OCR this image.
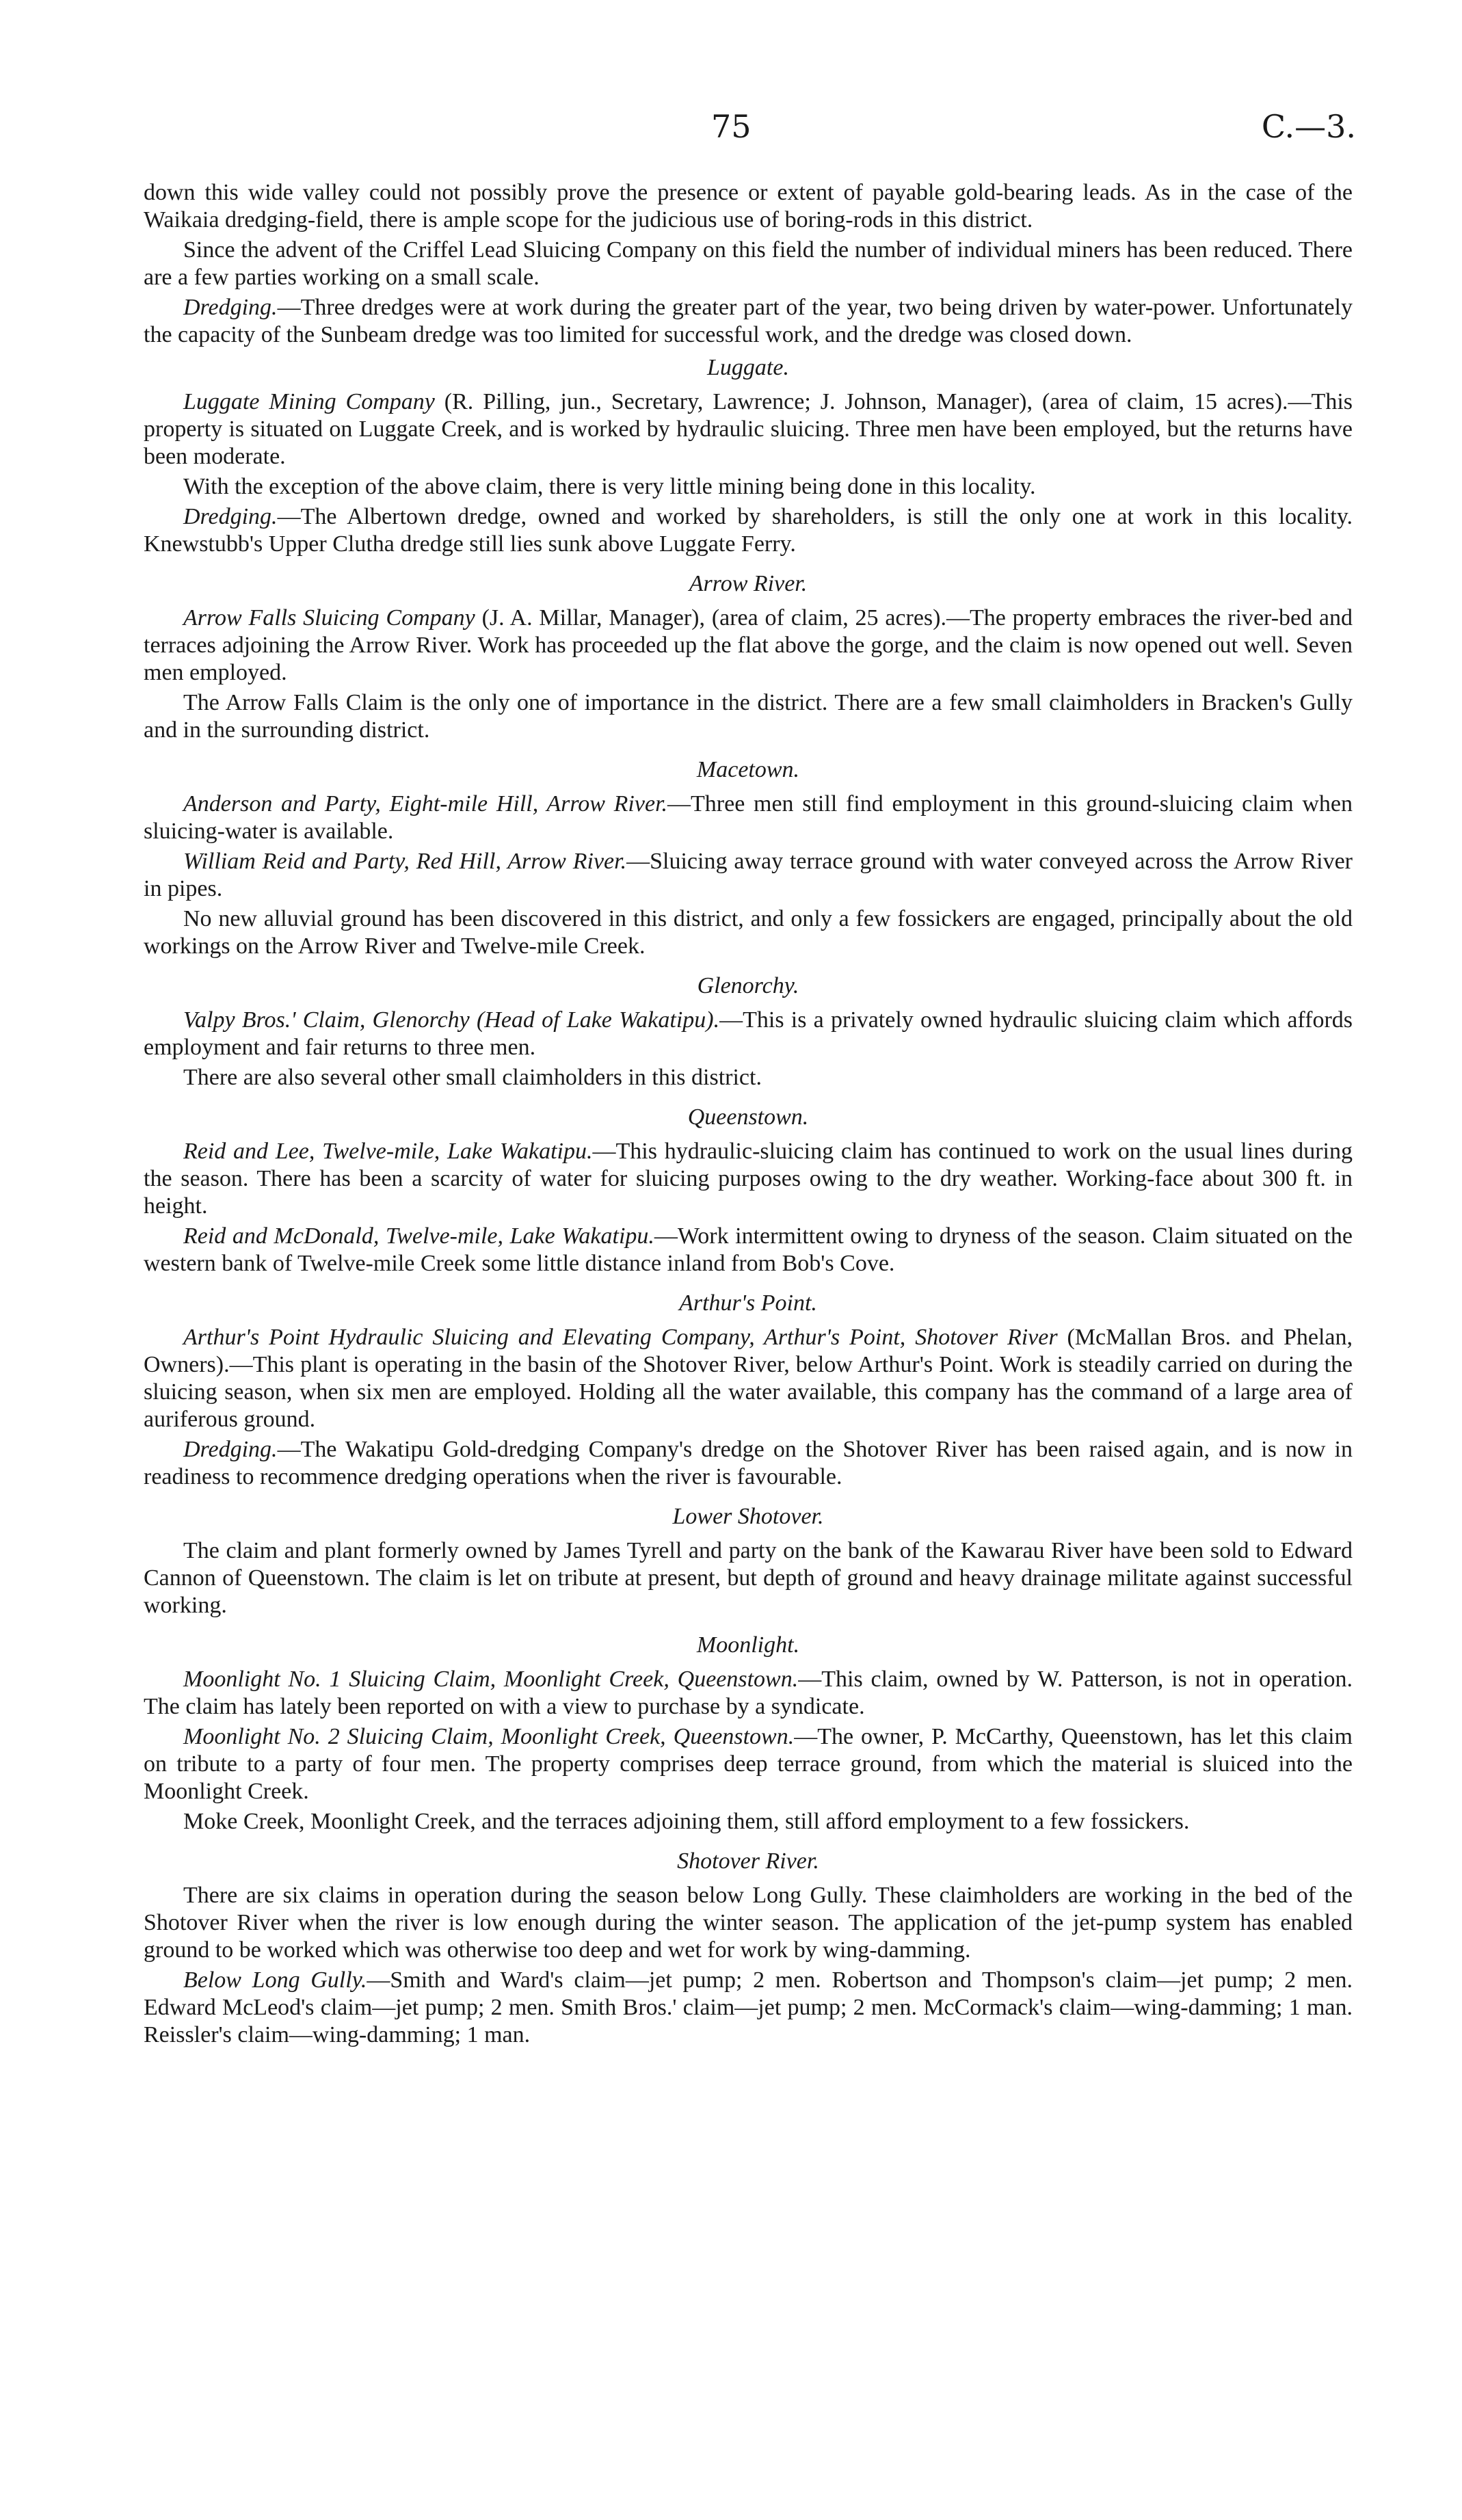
75	C.—3.

down this wide valley could not possibly prove the presence or extent of payable gold-bearing leads. As in the case of the Waikaia dredging-field, there is ample scope for the judicious use of boring-rods in this district.

Since the advent of the Criffel Lead Sluicing Company on this field the number of individual miners has been reduced. There are a few parties working on a small scale.

Dredging.—Three dredges were at work during the greater part of the year, two being driven by water-power. Unfortunately the capacity of the Sunbeam dredge was too limited for successful work, and the dredge was closed down.

Luggate.

Luggate Mining Company (R. Pilling, jun., Secretary, Lawrence; J. Johnson, Manager), (area of claim, 15 acres).—This property is situated on Luggate Creek, and is worked by hydraulic sluicing. Three men have been employed, but the returns have been moderate.

With the exception of the above claim, there is very little mining being done in this locality.

Dredging.—The Albertown dredge, owned and worked by shareholders, is still the only one at work in this locality. Knewstubb's Upper Clutha dredge still lies sunk above Luggate Ferry.

Arrow River.

Arrow Falls Sluicing Company (J. A. Millar, Manager), (area of claim, 25 acres).—The property embraces the river-bed and terraces adjoining the Arrow River. Work has proceeded up the flat above the gorge, and the claim is now opened out well. Seven men employed.

The Arrow Falls Claim is the only one of importance in the district. There are a few small claimholders in Bracken's Gully and in the surrounding district.

Macetown.

Anderson and Party, Eight-mile Hill, Arrow River.—Three men still find employment in this ground-sluicing claim when sluicing-water is available.

William Reid and Party, Red Hill, Arrow River.—Sluicing away terrace ground with water conveyed across the Arrow River in pipes.

No new alluvial ground has been discovered in this district, and only a few fossickers are engaged, principally about the old workings on the Arrow River and Twelve-mile Creek.

Glenorchy.

Valpy Bros.' Claim, Glenorchy (Head of Lake Wakatipu).—This is a privately owned hydraulic sluicing claim which affords employment and fair returns to three men.

There are also several other small claimholders in this district.

Queenstown.

Reid and Lee, Twelve-mile, Lake Wakatipu.—This hydraulic-sluicing claim has continued to work on the usual lines during the season. There has been a scarcity of water for sluicing purposes owing to the dry weather. Working-face about 300 ft. in height.

Reid and McDonald, Twelve-mile, Lake Wakatipu.—Work intermittent owing to dryness of the season. Claim situated on the western bank of Twelve-mile Creek some little distance inland from Bob's Cove.

Arthur's Point.

Arthur's Point Hydraulic Sluicing and Elevating Company, Arthur's Point, Shotover River (McMallan Bros. and Phelan, Owners).—This plant is operating in the basin of the Shotover River, below Arthur's Point. Work is steadily carried on during the sluicing season, when six men are employed. Holding all the water available, this company has the command of a large area of auriferous ground.

Dredging.—The Wakatipu Gold-dredging Company's dredge on the Shotover River has been raised again, and is now in readiness to recommence dredging operations when the river is favourable.

Lower Shotover.

The claim and plant formerly owned by James Tyrell and party on the bank of the Kawarau River have been sold to Edward Cannon of Queenstown. The claim is let on tribute at present, but depth of ground and heavy drainage militate against successful working.

Moonlight.

Moonlight No. 1 Sluicing Claim, Moonlight Creek, Queenstown.—This claim, owned by W. Patterson, is not in operation. The claim has lately been reported on with a view to purchase by a syndicate.

Moonlight No. 2 Sluicing Claim, Moonlight Creek, Queenstown.—The owner, P. McCarthy, Queenstown, has let this claim on tribute to a party of four men. The property comprises deep terrace ground, from which the material is sluiced into the Moonlight Creek.

Moke Creek, Moonlight Creek, and the terraces adjoining them, still afford employment to a few fossickers.

Shotover River.

There are six claims in operation during the season below Long Gully. These claimholders are working in the bed of the Shotover River when the river is low enough during the winter season. The application of the jet-pump system has enabled ground to be worked which was otherwise too deep and wet for work by wing-damming.

Below Long Gully.—Smith and Ward's claim—jet pump; 2 men. Robertson and Thompson's claim—jet pump; 2 men. Edward McLeod's claim—jet pump; 2 men. Smith Bros.' claim—jet pump; 2 men. McCormack's claim—wing-damming; 1 man. Reissler's claim—wing-damming; 1 man.
